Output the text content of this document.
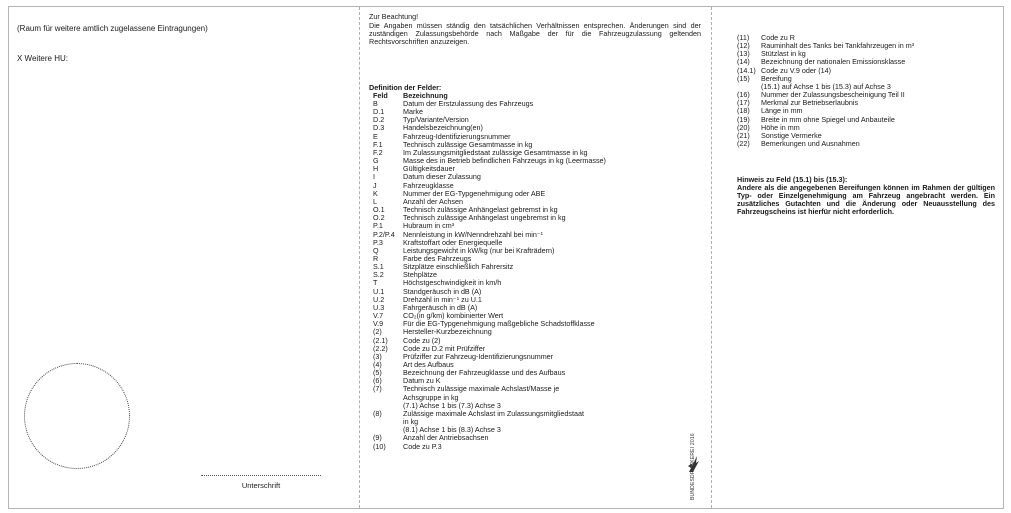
(Raum für weitere amtlich zugelassene Eintragungen)
X Weitere HU:
Unterschrift
Zur Beachtung!
Die Angaben müssen ständig den tatsächlichen Verhältnissen entsprechen. Änderungen sind der zuständigen Zulassungsbehörde nach Maßgabe der für die Fahrzeugzulassung geltenden Rechtsvorschriften anzuzeigen.
Definition der Felder:
Feld Bezeichnung
B	Datum der Erstzulassung des Fahrzeugs
D.1	Marke
D.2	Typ/Variante/Version
D.3	Handelsbezeichnung(en)
E	Fahrzeug-Identifizierungsnummer
F.1	Technisch zulässige Gesamtmasse in kg
F.2	Im Zulassungsmitgliedstaat zulässige Gesamtmasse in kg
G	Masse des in Betrieb befindlichen Fahrzeugs in kg (Leermasse)
H	Gültigkeitsdauer
I	Datum dieser Zulassung
J	Fahrzeugklasse
K	Nummer der EG-Typgenehmigung oder ABE
L	Anzahl der Achsen
O.1	Technisch zulässige Anhängelast gebremst in kg
O.2	Technisch zulässige Anhängelast ungebremst in kg
P.1	Hubraum in cm³
P.2/P.4	Nennleistung in kW/Nenndrehzahl bei min⁻¹
P.3	Kraftstoffart oder Energiequelle
Q	Leistungsgewicht in kW/kg (nur bei Krafträdern)
R	Farbe des Fahrzeugs
S.1	Sitzplätze einschließlich Fahrersitz
S.2	Stehplätze
T	Höchstgeschwindigkeit in km/h
U.1	Standgeräusch in dB (A)
U.2	Drehzahl in min⁻¹ zu U.1
U.3	Fahrgeräusch in dB (A)
V.7	CO₂(in g/km) kombinierter Wert
V.9	Für die EG-Typgenehmigung maßgebliche Schadstoffklasse
(2)	Hersteller-Kurzbezeichnung
(2.1)	Code zu (2)
(2.2)	Code zu D.2 mit Prüfziffer
(3)	Prüfziffer zur Fahrzeug-Identifizierungsnummer
(4)	Art des Aufbaus
(5)	Bezeichnung der Fahrzeugklasse und des Aufbaus
(6)	Datum zu K
(7)	Technisch zulässige maximale Achslast/Masse je
Achsgruppe in kg
(7.1) Achse 1 bis (7.3) Achse 3
(8)	Zulässige maximale Achslast im Zulassungsmitgliedstaat
in kg
(8.1) Achse 1 bis (8.3) Achse 3
(9)	Anzahl der Antriebsachsen
(10)	Code zu P.3	BUNDESDRUCKEREI 2016
(11)	Code zu R
(12)	Rauminhalt des Tanks bei Tankfahrzeugen in m³
(13)	Stützlast in kg
(14)	Bezeichnung der nationalen Emissionsklasse
(14.1) Code zu V.9 oder (14)
(15)	Bereifung
(15.1) auf Achse 1 bis (15.3) auf Achse 3
(16)	Nummer der Zulassungsbescheinigung Teil II
(17)	Merkmal zur Betriebserlaubnis
(18)	Länge in mm
(19)	Breite in mm ohne Spiegel und Anbauteile
(20)	Höhe in mm
(21)	Sonstige Vermerke
(22)	Bemerkungen und Ausnahmen
Hinweis zu Feld (15.1) bis (15.3):
Andere als die angegebenen Bereifungen können im Rahmen der gültigen Typ- oder Einzelgenehmigung am Fahrzeug angebracht werden. Ein zusätzliches Gutachten und die Änderung oder Neuausstellung des Fahrzeugscheins ist hierfür nicht erforderlich.
